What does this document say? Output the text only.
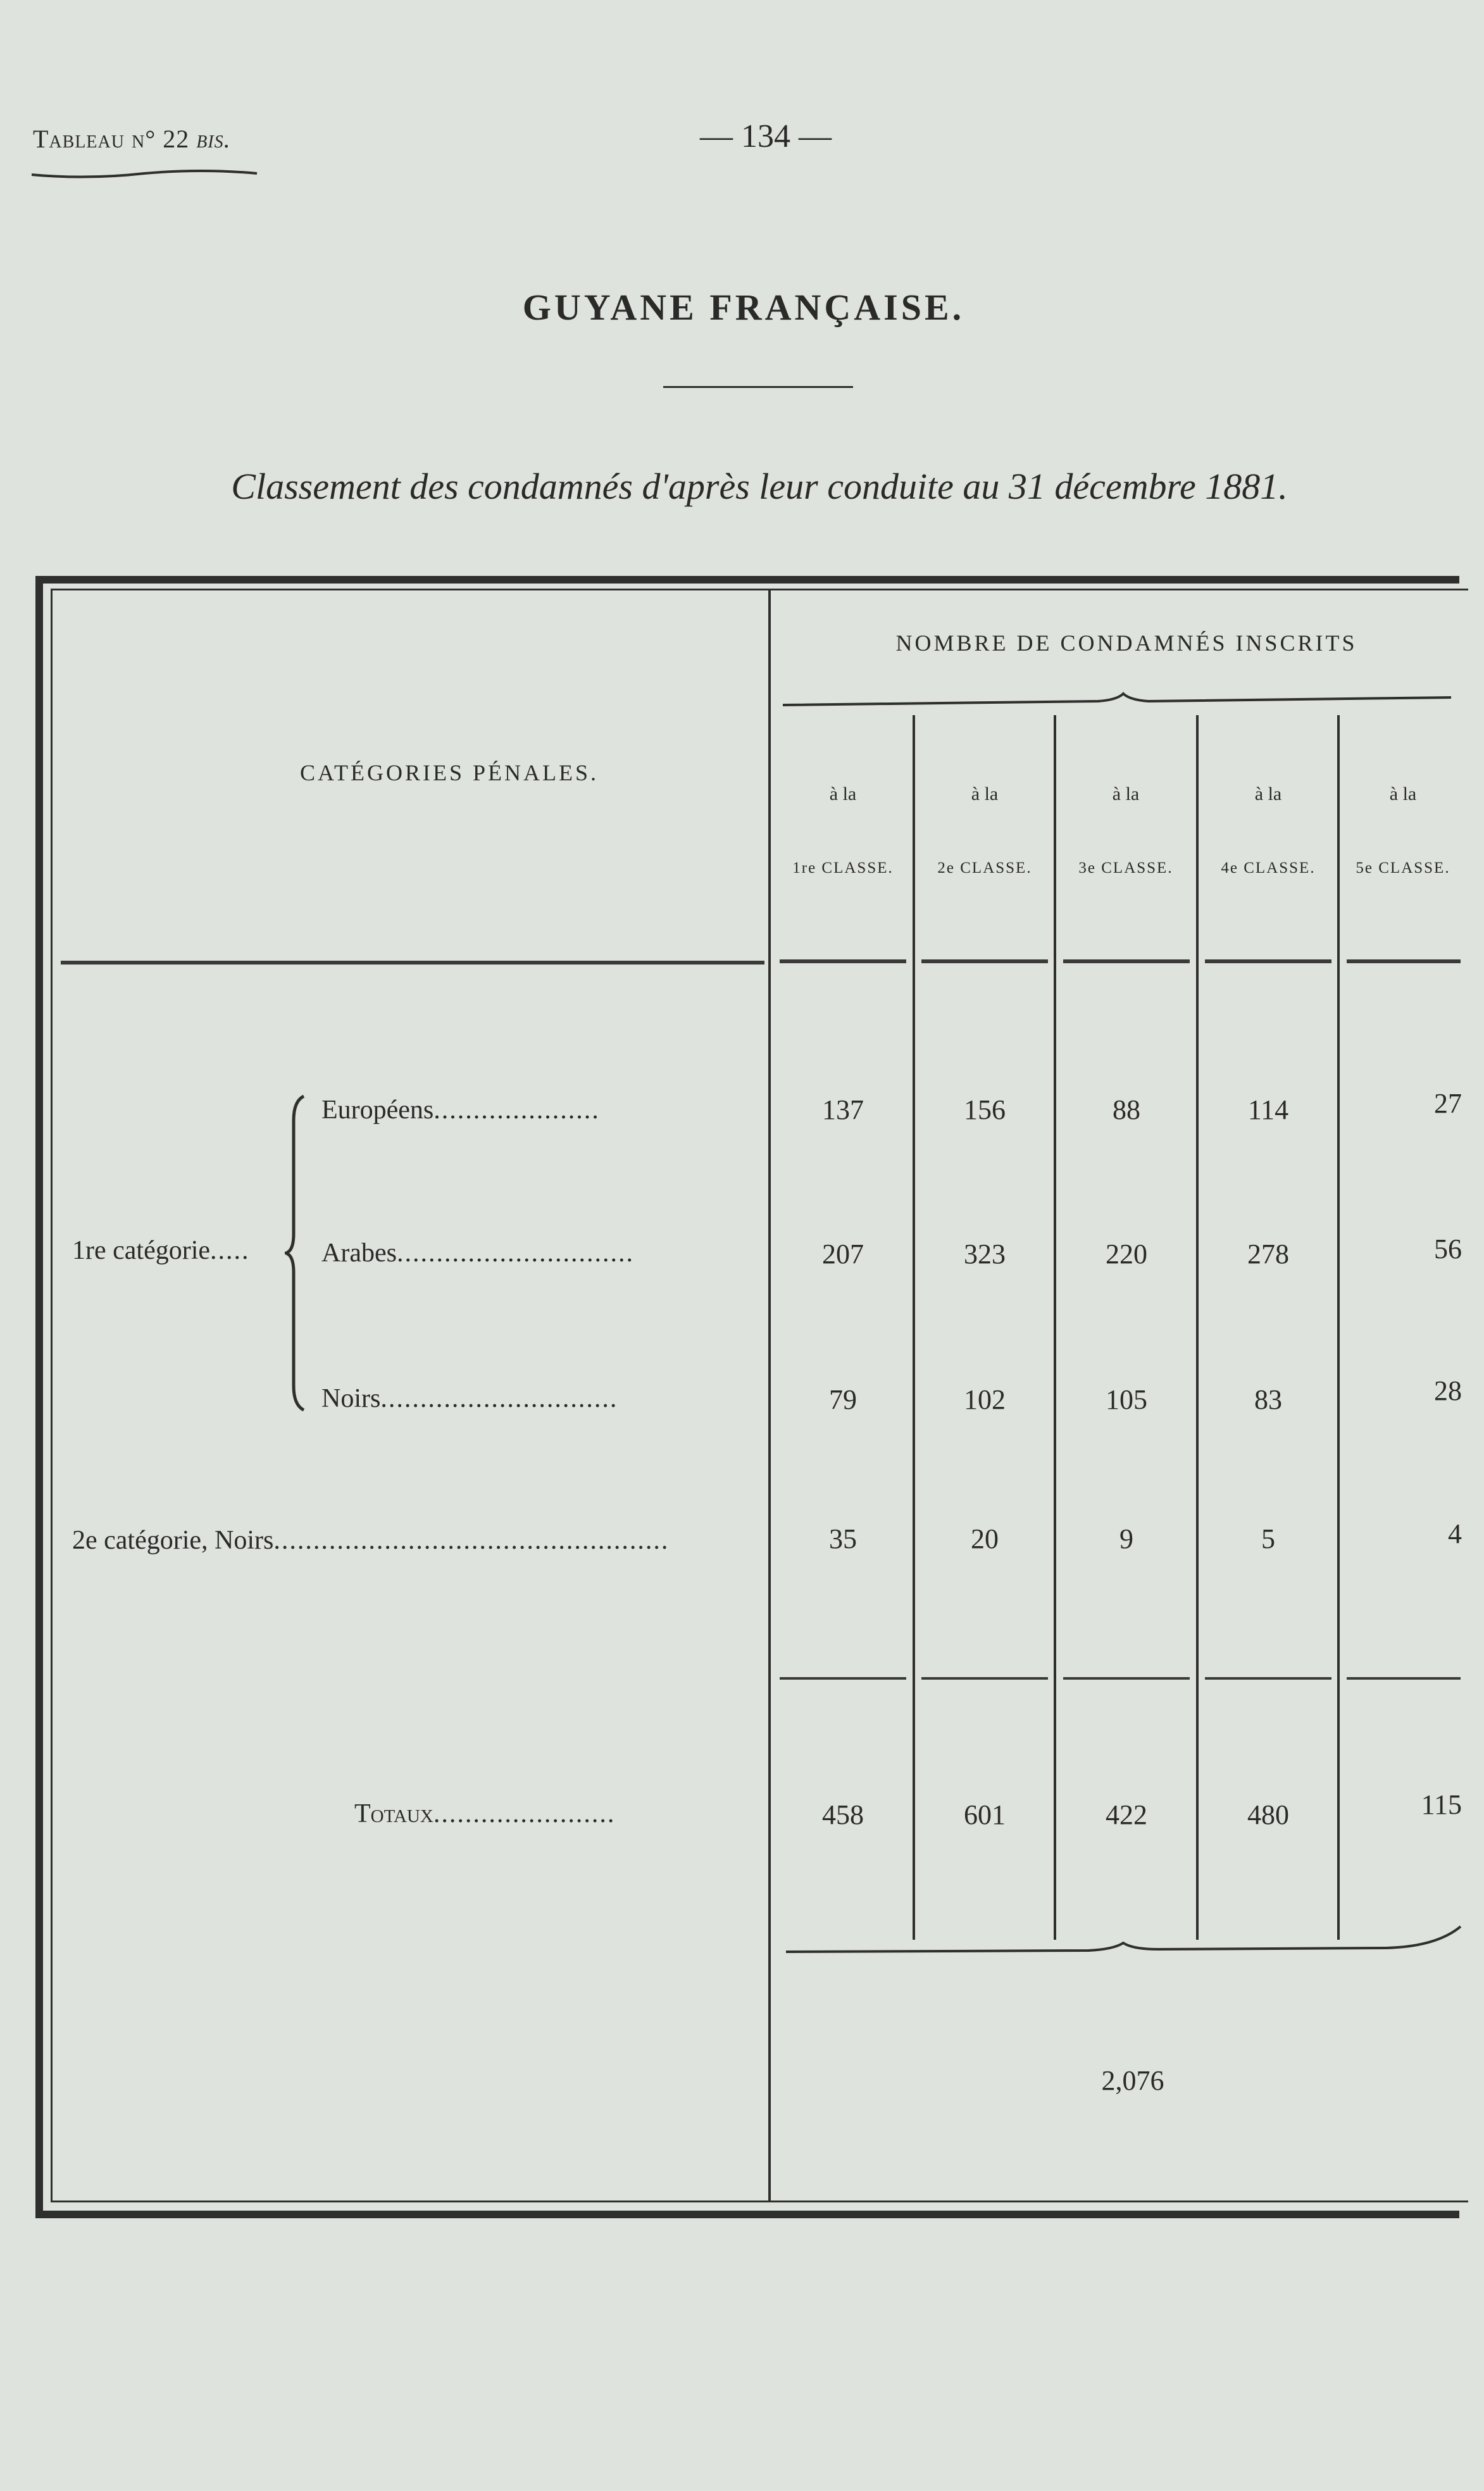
Tableau n° 22 bis.	— 134 —
GUYANE FRANÇAISE.
Classement des condamnés d'après leur conduite au 31 décembre 1881.
CATÉGORIES PÉNALES.
NOMBRE DE CONDAMNÉS INSCRITS
à la
1re CLASSE.
à la
2e CLASSE.
à la
3e CLASSE.
à la
4e CLASSE.
à la
5e CLASSE.
1re catégorie.....
Européens.....................	137	156	88	114	27
Arabes..............................	207	323	220	278	56
Noirs..............................	79	102	105	83	28
2e catégorie, Noirs..................................................	35	20	9	5	4
Totaux.......................	458	601	422	480	115
2,076
